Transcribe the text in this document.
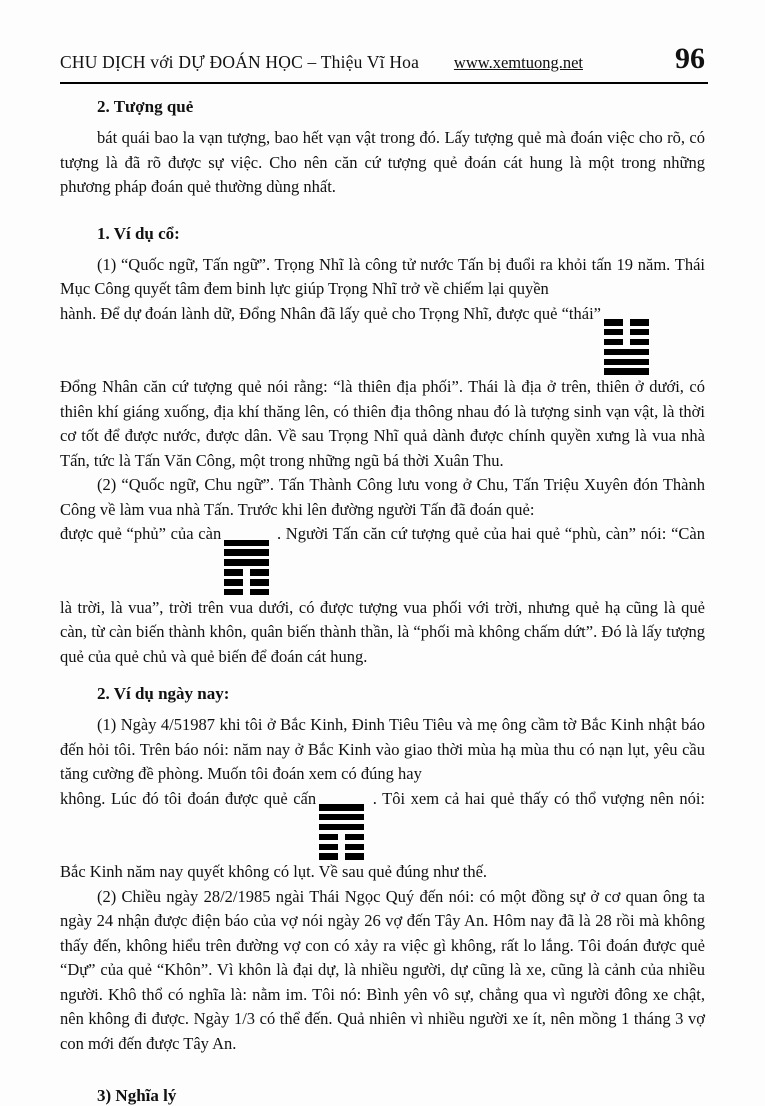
CHU DỊCH với DỰ ĐOÁN HỌC – Thiệu Vĩ Hoa	www.xemtuong.net	96
2. Tượng quẻ

bát quái bao la vạn tượng, bao hết vạn vật trong đó. Lấy tượng quẻ mà đoán việc cho rõ, có tượng là đã rõ được sự việc. Cho nên căn cứ tượng quẻ đoán cát hung là một trong những phương pháp đoán quẻ thường dùng nhất.

1. Ví dụ cổ:

(1) “Quốc ngữ, Tấn ngữ”. Trọng Nhĩ là công tử nước Tấn bị đuổi ra khỏi tấn 19 năm. Thái Mục Công quyết tâm đem binh lực giúp Trọng Nhĩ trở về chiếm lại quyền

hành. Để dự đoán lành dữ, Đổng Nhân đã lấy quẻ cho Trọng Nhĩ, được quẻ “thái”

Đổng Nhân căn cứ tượng quẻ nói rằng: “là thiên địa phối”. Thái là địa ở trên, thiên ở dưới, có thiên khí giáng xuống, địa khí thăng lên, có thiên địa thông nhau đó là tượng sinh vạn vật, là thời cơ tốt để được nước, được dân. Về sau Trọng Nhĩ quả dành được chính quyền xưng là vua nhà Tấn, tức là Tấn Văn Công, một trong những ngũ bá thời Xuân Thu.

(2) “Quốc ngữ, Chu ngữ”. Tấn Thành Công lưu vong ở Chu, Tấn Triệu Xuyên đón Thành Công về làm vua nhà Tấn. Trước khi lên đường người Tấn đã đoán quẻ:

được quẻ “phủ” của càn	. Người Tấn căn cứ tượng quẻ của hai quẻ “phù, càn” nói: “Càn là trời, là vua”, trời trên vua dưới, có được tượng vua phối với trời, nhưng quẻ hạ cũng là quẻ càn, từ càn biến thành khôn, quân biến thành thần, là “phối mà không chấm dứt”. Đó là lấy tượng quẻ của quẻ chủ và quẻ biến để đoán cát hung.

2. Ví dụ ngày nay:

(1) Ngày 4/51987 khi tôi ở Bắc Kinh, Đinh Tiêu Tiêu và mẹ ông cầm tờ Bắc Kinh nhật báo đến hỏi tôi. Trên báo nói: năm nay ở Bắc Kinh vào giao thời mùa hạ mùa thu có nạn lụt, yêu cầu tăng cường đề phòng. Muốn tôi đoán xem có đúng hay

không. Lúc đó tôi đoán được quẻ cấn	. Tôi xem cả hai quẻ thấy có thổ vượng nên nói: Bắc Kinh năm nay quyết không có lụt. Về sau quẻ đúng như thế.

(2) Chiều ngày 28/2/1985 ngài Thái Ngọc Quý đến nói: có một đồng sự ở cơ quan ông ta ngày 24 nhận được điện báo của vợ nói ngày 26 vợ đến Tây An. Hôm nay đã là 28 rồi mà không thấy đến, không hiểu trên đường vợ con có xảy ra việc gì không, rất lo lắng. Tôi đoán được quẻ “Dự” của quẻ “Khôn”. Vì khôn là đại dự, là nhiều người, dự cũng là xe, cũng là cảnh của nhiều người. Khô thổ có nghĩa là: nằm im. Tôi nó: Bình yên vô sự, chẳng qua vì người đông xe chật, nên không đi được. Ngày 1/3 có thể đến. Quả nhiên vì nhiều người xe ít, nên mồng 1 tháng 3 vợ con mới đến được Tây An.

3) Nghĩa lý
